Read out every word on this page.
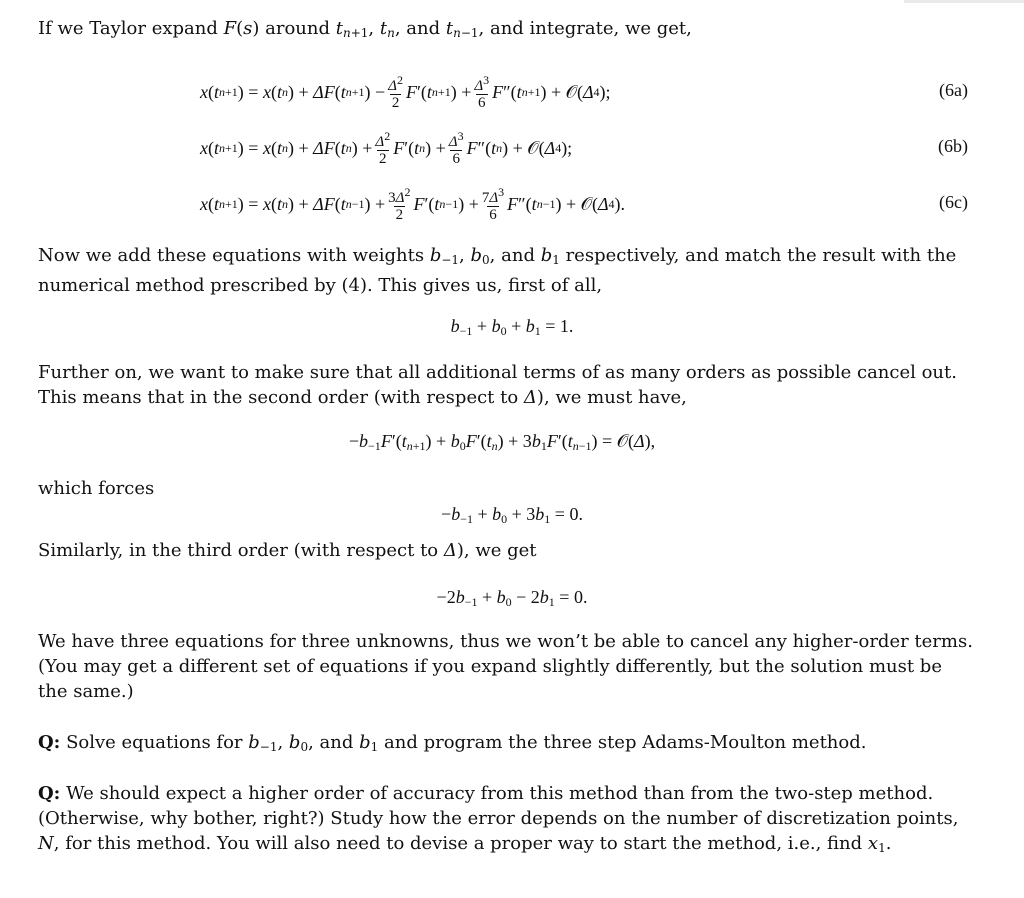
If we Taylor expand F(s) around $t_{n+1}$, $t_n$, and $t_{n-1}$, and integrate, we get,
x ( t n+1 ) = x ( t n ) + Δ F ( t n+1 ) − $\frac{\Delta^2}{2}$ F ′( t n+1 ) + $\frac{\Delta^3}{6}$ F ″( t n+1 ) + 𝒪( Δ 4 );	(6a)
x ( t n+1 ) = x ( t n ) + Δ F ( t n ) + $\frac{\Delta^2}{2}$ F ′( t n ) + $\frac{\Delta^3}{6}$ F ″( t n ) + 𝒪( Δ 4 );	(6b)
x ( t n+1 ) = x ( t n ) + Δ F ( t n−1 ) + $\frac{3\Delta^2}{2}$ F ′( t n−1 ) + $\frac{7\Delta^3}{6}$ F ″( t n−1 ) + 𝒪( Δ 4 ).	(6c)
Now we add these equations with weights $b_{-1}$, $b_0$, and $b_1$ respectively, and match the result with the numerical method prescribed by (4). This gives us, first of all,
$b_{-1} + b_0 + b_1 = 1$.
Further on, we want to make sure that all additional terms of as many orders as possible cancel out. This means that in the second order (with respect to Δ), we must have,
$-b_{-1}F'(t_{n+1}) + b_0F'(t_n) + 3b_1F'(t_{n-1})$ = 𝒪(Δ),
which forces
$-b_{-1} + b_0 + 3b_1 = 0$.
Similarly, in the third order (with respect to Δ), we get
$-2b_{-1} + b_0 - 2b_1 = 0$.
We have three equations for three unknowns, thus we won’t be able to cancel any higher-order terms. (You may get a different set of equations if you expand slightly differently, but the solution must be the same.)
Q: Solve equations for $b_{-1}$, $b_0$, and $b_1$ and program the three step Adams-Moulton method.
Q: We should expect a higher order of accuracy from this method than from the two-step method. (Otherwise, why bother, right?) Study how the error depends on the number of discretization points, N, for this method. You will also need to devise a proper way to start the method, i.e., find $x_1$.
